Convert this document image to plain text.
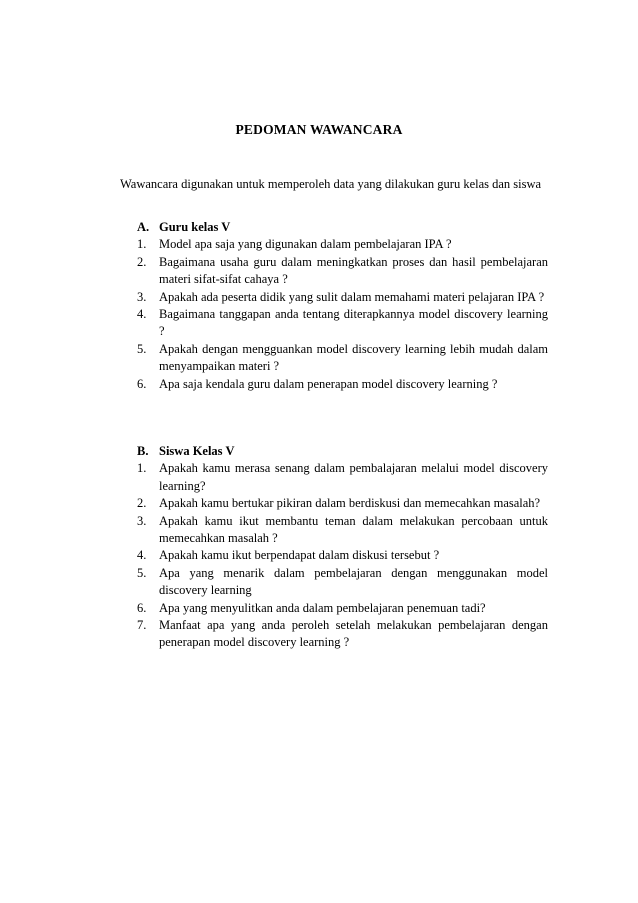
PEDOMAN WAWANCARA
Wawancara digunakan untuk memperoleh data yang dilakukan guru kelas dan siswa
A. Guru kelas V
1.	Model apa saja yang digunakan dalam pembelajaran IPA ?
2.	Bagaimana usaha guru dalam meningkatkan proses dan hasil pembelajaran materi sifat-sifat cahaya ?
3.	Apakah ada peserta didik yang sulit dalam memahami materi pelajaran IPA ?
4.	Bagaimana tanggapan anda tentang diterapkannya model discovery learning ?
5.	Apakah dengan mengguankan model discovery learning lebih mudah dalam menyampaikan materi ?
6.	Apa saja kendala guru dalam penerapan model discovery learning ?
B. Siswa Kelas V
1.	Apakah kamu merasa senang dalam pembalajaran melalui model discovery learning?
2.	Apakah kamu bertukar pikiran dalam berdiskusi dan memecahkan masalah?
3.	Apakah kamu ikut membantu teman dalam melakukan percobaan untuk memecahkan masalah ?
4.	Apakah kamu ikut berpendapat dalam diskusi tersebut ?
5.	Apa yang menarik dalam pembelajaran dengan menggunakan model discovery learning
6.	Apa yang menyulitkan anda dalam pembelajaran penemuan tadi?
7.	Manfaat apa yang anda peroleh setelah melakukan pembelajaran dengan penerapan model discovery learning ?
